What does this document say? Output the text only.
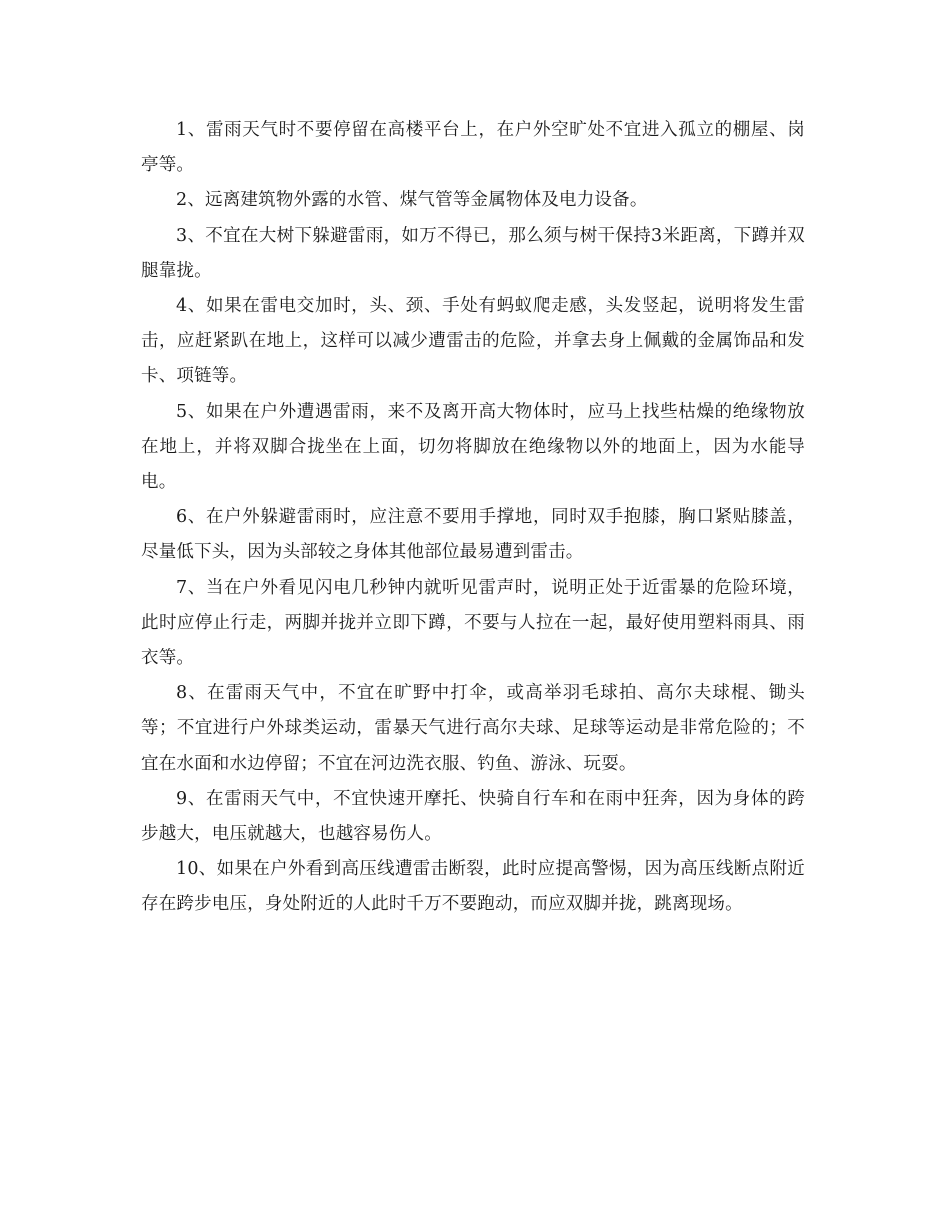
1、雷雨天气时不要停留在高楼平台上，在户外空旷处不宜进入孤立的棚屋、岗亭等。

2、远离建筑物外露的水管、煤气管等金属物体及电力设备。

3、不宜在大树下躲避雷雨，如万不得已，那么须与树干保持3米距离，下蹲并双腿靠拢。

4、如果在雷电交加时，头、颈、手处有蚂蚁爬走感，头发竖起，说明将发生雷击，应赶紧趴在地上，这样可以减少遭雷击的危险，并拿去身上佩戴的金属饰品和发卡、项链等。

5、如果在户外遭遇雷雨，来不及离开高大物体时，应马上找些枯燥的绝缘物放在地上，并将双脚合拢坐在上面，切勿将脚放在绝缘物以外的地面上，因为水能导电。

6、在户外躲避雷雨时，应注意不要用手撑地，同时双手抱膝，胸口紧贴膝盖，尽量低下头，因为头部较之身体其他部位最易遭到雷击。

7、当在户外看见闪电几秒钟内就听见雷声时，说明正处于近雷暴的危险环境，此时应停止行走，两脚并拢并立即下蹲，不要与人拉在一起，最好使用塑料雨具、雨衣等。

8、在雷雨天气中，不宜在旷野中打伞，或高举羽毛球拍、高尔夫球棍、锄头等；不宜进行户外球类运动，雷暴天气进行高尔夫球、足球等运动是非常危险的；不宜在水面和水边停留；不宜在河边洗衣服、钓鱼、游泳、玩耍。

9、在雷雨天气中，不宜快速开摩托、快骑自行车和在雨中狂奔，因为身体的跨步越大，电压就越大，也越容易伤人。

10、如果在户外看到高压线遭雷击断裂，此时应提高警惕，因为高压线断点附近存在跨步电压，身处附近的人此时千万不要跑动，而应双脚并拢，跳离现场。
